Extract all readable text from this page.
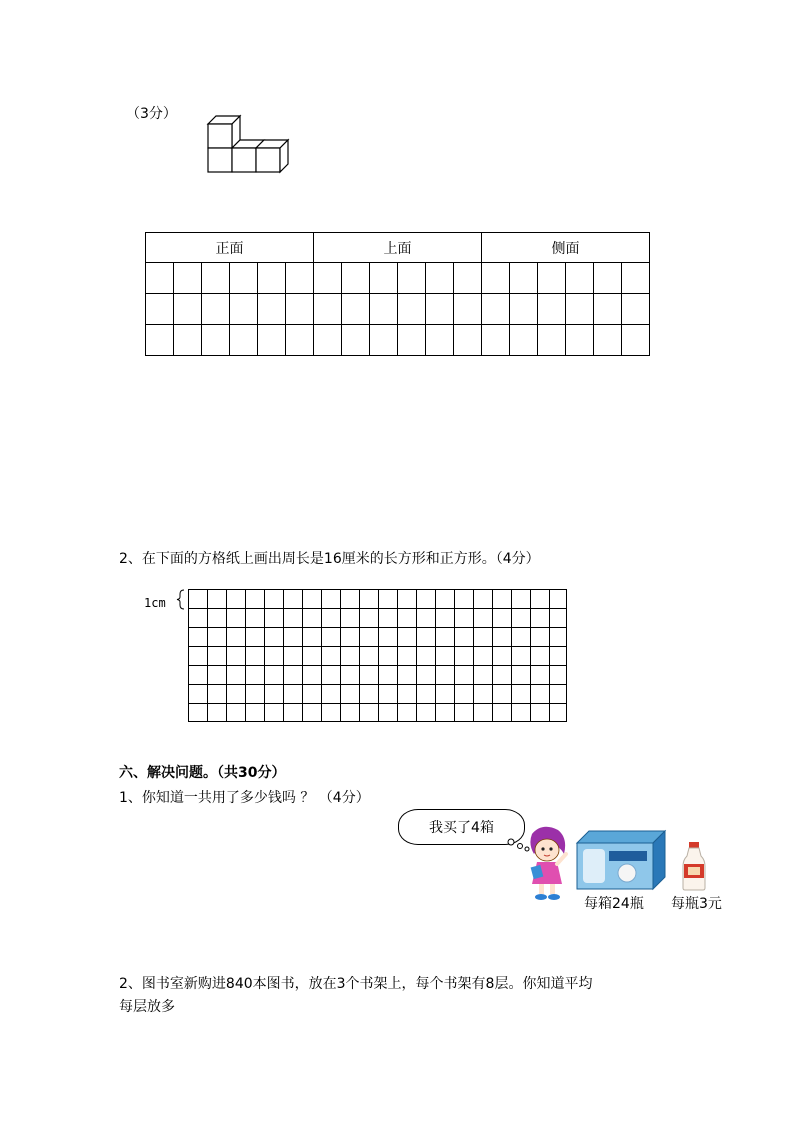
（3分）
正面						上面						侧面					

2、在下面的方格纸上画出周长是16厘米的长方形和正方形。（4分）
1cm
六、解决问题。（共30分）
1、你知道一共用了多少钱吗 ？ （4分）
我买了4箱
每箱24瓶 每瓶3元
2、图书室新购进840本图书，放在3个书架上，每个书架有8层。你知道平均
每层放多
